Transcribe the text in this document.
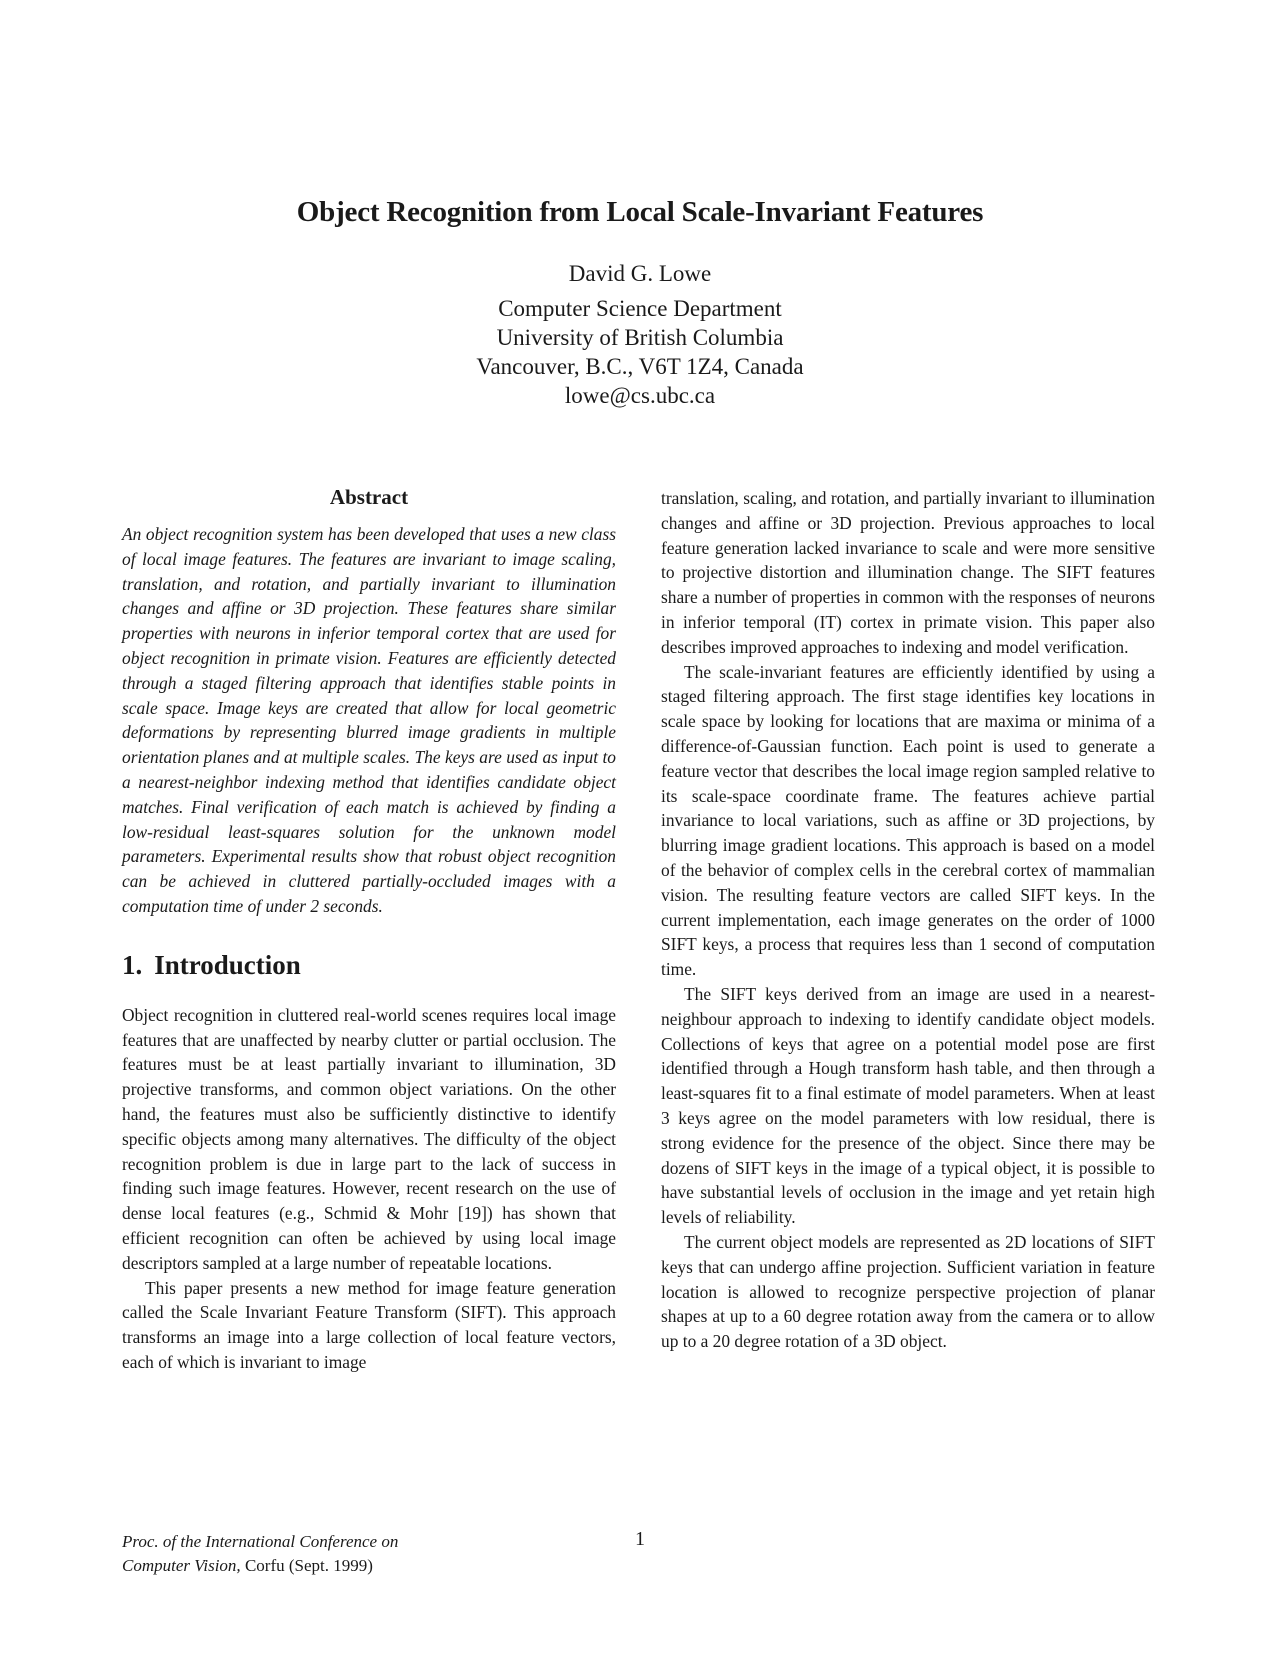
Object Recognition from Local Scale-Invariant Features
David G. Lowe
Computer Science Department
University of British Columbia
Vancouver, B.C., V6T 1Z4, Canada
lowe@cs.ubc.ca
Abstract

An object recognition system has been developed that uses a new class of local image features. The features are invariant to image scaling, translation, and rotation, and partially invariant to illumination changes and affine or 3D projection. These features share similar properties with neurons in inferior temporal cortex that are used for object recognition in primate vision. Features are efficiently detected through a staged filtering approach that identifies stable points in scale space. Image keys are created that allow for local geometric deformations by representing blurred image gradients in multiple orientation planes and at multiple scales. The keys are used as input to a nearest-neighbor indexing method that identifies candidate object matches. Final verification of each match is achieved by finding a low-residual least-squares solution for the unknown model parameters. Experimental results show that robust object recognition can be achieved in cluttered partially-occluded images with a computation time of under 2 seconds.

1. Introduction

Object recognition in cluttered real-world scenes requires local image features that are unaffected by nearby clutter or partial occlusion. The features must be at least partially invariant to illumination, 3D projective transforms, and common object variations. On the other hand, the features must also be sufficiently distinctive to identify specific objects among many alternatives. The difficulty of the object recognition problem is due in large part to the lack of success in finding such image features. However, recent research on the use of dense local features (e.g., Schmid & Mohr [19]) has shown that efficient recognition can often be achieved by using local image descriptors sampled at a large number of repeatable locations.

This paper presents a new method for image feature generation called the Scale Invariant Feature Transform (SIFT). This approach transforms an image into a large collection of local feature vectors, each of which is invariant to image

translation, scaling, and rotation, and partially invariant to illumination changes and affine or 3D projection. Previous approaches to local feature generation lacked invariance to scale and were more sensitive to projective distortion and illumination change. The SIFT features share a number of properties in common with the responses of neurons in inferior temporal (IT) cortex in primate vision. This paper also describes improved approaches to indexing and model verification.

The scale-invariant features are efficiently identified by using a staged filtering approach. The first stage identifies key locations in scale space by looking for locations that are maxima or minima of a difference-of-Gaussian function. Each point is used to generate a feature vector that describes the local image region sampled relative to its scale-space coordinate frame. The features achieve partial invariance to local variations, such as affine or 3D projections, by blurring image gradient locations. This approach is based on a model of the behavior of complex cells in the cerebral cortex of mammalian vision. The resulting feature vectors are called SIFT keys. In the current implementation, each image generates on the order of 1000 SIFT keys, a process that requires less than 1 second of computation time.

The SIFT keys derived from an image are used in a nearest-neighbour approach to indexing to identify candidate object models. Collections of keys that agree on a potential model pose are first identified through a Hough transform hash table, and then through a least-squares fit to a final estimate of model parameters. When at least 3 keys agree on the model parameters with low residual, there is strong evidence for the presence of the object. Since there may be dozens of SIFT keys in the image of a typical object, it is possible to have substantial levels of occlusion in the image and yet retain high levels of reliability.

The current object models are represented as 2D locations of SIFT keys that can undergo affine projection. Sufficient variation in feature location is allowed to recognize perspective projection of planar shapes at up to a 60 degree rotation away from the camera or to allow up to a 20 degree rotation of a 3D object.

Proc. of the International Conference on
Computer Vision, Corfu (Sept. 1999)
1
